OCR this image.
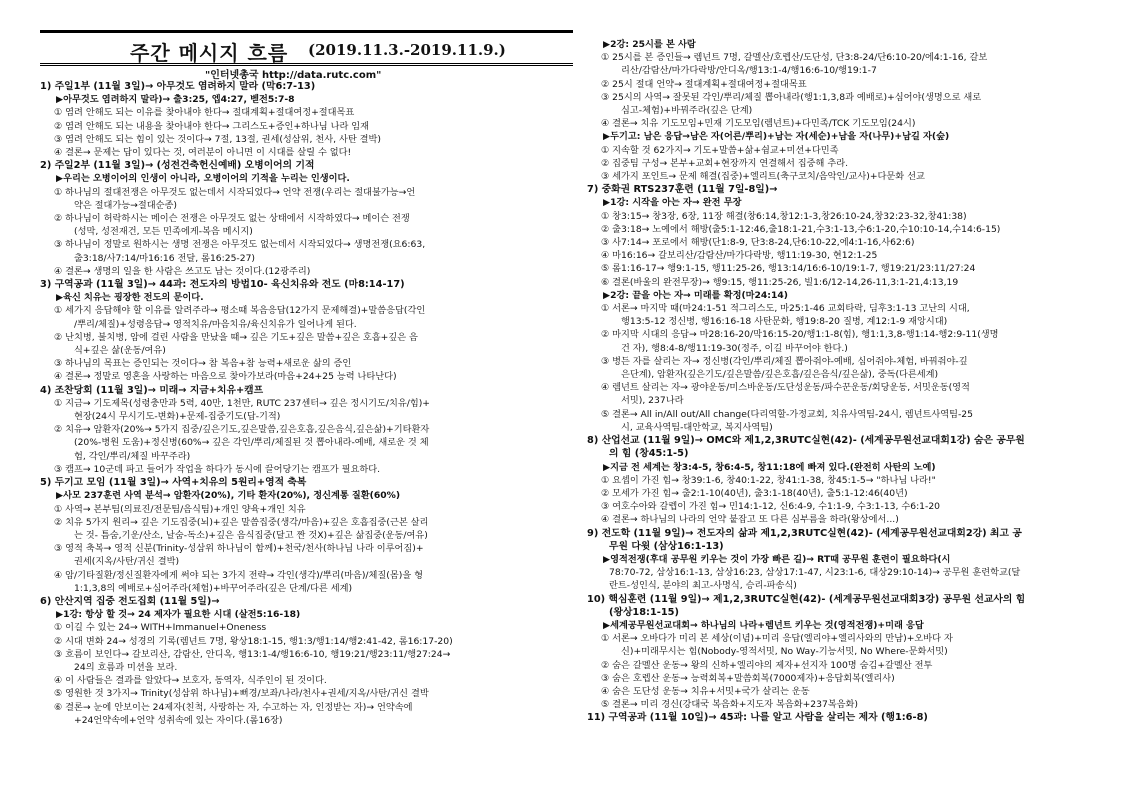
주간 메시지 흐름 (2019.11.3.-2019.11.9.)
"인터넷총국 http://data.rutc.com"
1) 주일1부 (11월 3일)→ 아무것도 염려하지 말라 (막6:7-13)
▶아무것도 염려하지 말라)→ 출3:25, 엡4:27, 벧전5:7-8
① 염려 안해도 되는 이유를 찾아내야 한다→ 절대계획+절대여정+절대목표
② 염려 안해도 되는 내용을 찾아내야 한다→ 그리스도+증인+하나님 나라 임재
③ 염려 안해도 되는 힘이 있는 것이다→ 7절, 13절, 권세(성삼위, 천사, 사탄 결박)
④ 결론→ 문제는 답이 있다는 것, 여러분이 아니면 이 시대를 살릴 수 없다!
2) 주일2부 (11월 3일)→ (성전건축헌신예배) 오병이어의 기적
▶우리는 오병이어의 인생이 아니라, 오병이어의 기적을 누리는 인생이다.
① 하나님의 절대전쟁은 아무것도 없는데서 시작되었다→ 언약 전쟁(우리는 절대불가능→언
약은 절대가능→절대순종)
② 하나님이 허락하시는 메이슨 전쟁은 아무것도 없는 상태에서 시작하였다→ 메이슨 전쟁
(성막, 성전재건, 모든 민족에게-복음 메시지)
③ 하나님이 정말로 원하시는 생명 전쟁은 아무것도 없는데서 시작되었다→ 생명전쟁(요6:63,
출3:18/사7:14/마16:16 전달, 롬16:25-27)
④ 결론→ 생명의 일을 한 사람은 쓰고도 남는 것이다.(12광주리)
3) 구역공과 (11월 3일)→ 44과: 전도자의 방법10- 육신치유와 전도 (마8:14-17)
▶육신 치유는 굉장한 전도의 문이다.
① 세가지 응답해야 할 이유를 알려주라→ 평소때 복음응답(12가지 문제해결)+말씀응답(각인
/뿌리/체질)+성령응답→ 영적치유/마음치유/육신치유가 일어나게 된다.
② 난치병, 불치병, 암에 걸린 사람을 만났을 때→ 깊은 기도+깊은 말씀+깊은 호흡+깊은 음
식+깊은 삶(운동/여유)
③ 하나님의 목표는 증인되는 것이다→ 참 복음+참 능력+새로운 삶의 증인
④ 결론→ 정말로 영혼을 사랑하는 마음으로 찾아가보라(마음+24+25 능력 나타난다)
4) 조찬당회 (11월 3일)→ 미래→ 지금+치유+캠프
① 지금→ 기도제목(성령충만과 5력, 40만, 1천만, RUTC 237센터→ 깊은 정시기도/치유/힘)+
현장(24시 무시기도-변화)+문제-집중기도(답-기적)
② 치유→ 암환자(20%→ 5가지 집중/깊은기도,깊은말씀,깊은호흡,깊은음식,깊은삶)+기타환자
(20%-병원 도움)+정신병(60%→ 깊은 각인/뿌리/체질된 것 뽑아내라-예배, 새로운 것 체
험, 각인/뿌리/체질 바꾸주라)
③ 캠프→ 10군데 파고 들어가 작업을 하다가 동시에 끌어당기는 캠프가 필요하다.
5) 두기고 모임 (11월 3일)→ 사역+치유의 5원리+영적 축복
▶사모 237훈련 사역 분석→ 암환자(20%), 기타 환자(20%), 정신계통 질환(60%)
① 사역→ 본부팀(의료진/전문팀/음식팀)+개인 양육+개인 치유
② 치유 5가지 원리→ 깊은 기도집중(뇌)+깊은 말씀집중(생각/마음)+깊은 호흡집중(근본 살리
는 것- 틈숨,기운/산소, 날숨-독소)+깊은 음식집중(달고 짠 것X)+깊은 삶집중(운동/여유)
③ 영적 축복→ 영적 신분(Trinity-성삼위 하나님이 함께)+천국/천사(하나님 나라 이루어짐)+
권세(지옥/사탄/귀신 결박)
④ 암/기타질환/정신질환자에게 써야 되는 3가지 전략→ 각인(생각)/뿌리(마음)/체질(몸)을 형
1:1,3,8의 예배로+심어주라(체험)+바꾸어주라(깊은 단계/다른 세계)
6) 안산지역 집중 전도집회 (11월 5일)→
▶1강: 항상 할 것→ 24 제자가 필요한 시대 (살전5:16-18)
① 이길 수 있는 24→ WITH+Immanuel+Oneness
② 시대 변화 24→ 성경의 기록(렘넌트 7명, 왕상18:1-15, 행1:3/행1:14/행2:41-42, 롬16:17-20)
③ 흐름이 보인다→ 갈보리산, 감람산, 안디옥, 행13:1-4/행16:6-10, 행19:21/행23:11/행27:24→
24의 흐름과 미션을 보라.
④ 이 사람들은 결과를 알았다→ 보호자, 동역자, 식주인이 된 것이다.
⑤ 영원한 것 3가지→ Trinity(성삼위 하나님)+뻐경/보좌/나라/천사+권세/지옥/사탄/귀신 결박
⑥ 결론→ 눈에 안보이는 24제자(친척, 사랑하는 자, 수고하는 자, 인정받는 자)→ 언약속에
+24언약속에+언약 성취속에 있는 자이다.(롬16장)
▶2강: 25시를 본 사람
① 25시를 본 증인들→ 렘넌트 7명, 갈멜산/호렙산/도단성, 단3:8-24/단6:10-20/에4:1-16, 갈보
리산/감람산/마가다락방/안디옥/행13:1-4/행16:6-10/행19:1-7
② 25시 절대 언약→ 절대계획+절대여정+절대목표
③ 25시의 사역→ 잘못된 각인/뿌리/체질 뽑아내라(행1:1,3,8과 예배로)+심어야(생명으로 새로
심고-체험)+바꿔주라(깊은 단계)
④ 결론→ 치유 기도모임+민재 기도모임(렘넌트)+다민족/TCK 기도모임(24시)
▶두기고: 남은 응답→남은 자(어른/뿌리)+남는 자(세순)+남을 자(나무)+남길 자(숲)
① 지속할 것 62가지→ 기도+말씀+삶+쉼교+미션+다민족
② 집중팀 구성→ 본부+교회+현장까지 연결해서 집중해 추라.
③ 세가지 포인트→ 문제 해결(집중)+엘리트(축구코치/음악인/교사)+다문화 선교
7) 중화권 RTS237훈련 (11월 7일-8일)→
▶1강: 시작을 아는 자→ 완전 무장
① 창3:15→ 창3장, 6장, 11장 해결(창6:14,창12:1-3,창26:10-24,창32:23-32,창41:38)
② 출3:18→ 노예에서 해방(출5:1-12:46,출18:1-21,수3:1-13,수6:1-20,수10:10-14,수14:6-15)
③ 사7:14→ 포로에서 해방(단1:8-9, 단3:8-24,단6:10-22,에4:1-16,사62:6)
④ 마16:16→ 갈보리산/감람산/마가다락방, 행11:19-30, 현12:1-25
⑤ 롬1:16-17→ 행9:1-15, 행11:25-26, 행13:14/16:6-10/19:1-7, 행19:21/23:11/27:24
⑥ 결론(바울의 완전무장)→ 행9:15, 행11:25-26, 빌1:6/12-14,26-11,3:1-21,4:13,19
▶2강: 끝을 아는 자→ 미래를 확정(마24:14)
① 서론→ 마지막 때(마24:1-51 적그리스도, 마25:1-46 교회타락, 딤후3:1-13 고난의 시대,
행13:5-12 정신병, 행16:16-18 사탄문화, 행19:8-20 질병, 계12:1-9 재앙시대)
② 마지막 시대의 응답→ 마28:16-20/막16:15-20/행1:1-8(힘), 행1:1,3,8-행1:14-행2:9-11(생명
건 자), 행8:4-8/행11:19-30(정주, 이길 바꾸어야 한다.)
③ 병든 자를 살리는 자→ 정신병(각인/뿌리/체질 뽑아줘야-예배, 심어줘야-체험, 바꿔줘야-깊
은단계), 암환자(깊은기도/깊은말씀/깊은호흡/깊은음식/깊은삶), 중독(다른세계)
④ 렘넌트 살리는 자→ 광야운동/미스바운동/도단성운동/파수꾼운동/회당운동, 서밋운동(영적
서밋), 237나라
⑤ 결론→ All in/All out/All change(다리역할-가정교회, 치유사역팀-24시, 렘넌트사역팀-25
시, 교육사역팀-대안학교, 복지사역팀)
8) 산업선교 (11월 9일)→ OMC와 제1,2,3RUTC실현(42)- (세계공무원선교대회1강) 숨은 공무원
의 힘 (창45:1-5)
▶지금 전 세계는 창3:4-5, 창6:4-5, 창11:18에 빠져 있다.(완전히 사탄의 노예)
① 요셉이 가진 힘→ 창39:1-6, 창40:1-22, 창41:1-38, 창45:1-5→ "하나님 나라!"
② 모세가 가진 힘→ 출2:1-10(40년), 출3:1-18(40년), 출5:1-12:46(40년)
③ 여호수아와 갈렙이 가진 힘→ 민14:1-12, 신6:4-9, 수1:1-9, 수3:1-13, 수6:1-20
④ 결론→ 하나님의 나라의 언약 붙잡고 또 다른 심부름을 하라(왕상에서...)
9) 전도학 (11월 9일)→ 전도자의 삶과 제1,2,3RUTC실현(42)- (세계공무원선교대회2강) 최고 공
무원 다윗 (삼상16:1-13)
▶영적전쟁(후대 공무원 키우는 것이 가장 빠른 길)→ RT때 공무원 훈련이 필요하다(시
78:70-72, 삼상16:1-13, 삼상16:23, 삼상17:1-47, 시23:1-6, 대상29:10-14)→ 공무원 훈련학교(달
란트-성인식, 분야의 최고-사명식, 승리-파송식)
10) 핵심훈련 (11월 9일)→ 제1,2,3RUTC실현(42)- (세계공무원선교대회3강) 공무원 선교사의 힘
(왕상18:1-15)
▶세계공무원선교대회→ 하나님의 나라+렘넌트 키우는 것(영적전쟁)+미래 응답
① 서론→ 오바다가 미리 본 세상(이념)+미리 응답(엘리야+엘리사와의 만남)+오바다 자
신)+미래무시는 힘(Nobody-영적서밋, No Way-기능서밋, No Where-문화서밋)
② 숨은 갈멜산 운동→ 왕의 신하+엘리야의 제자+선지자 100명 숨김+갈멜산 전투
③ 숨은 호렙산 운동→ 능력회복+말씀회복(7000제자)+응답회복(엘리사)
④ 숨은 도단성 운동→ 치유+서밋+국가 살리는 운동
⑤ 결론→ 미리 경신(강대국 복음화+지도자 복음화+237복음화)
11) 구역공과 (11월 10일)→ 45과: 나를 알고 사람을 살리는 제자 (행1:6-8)
